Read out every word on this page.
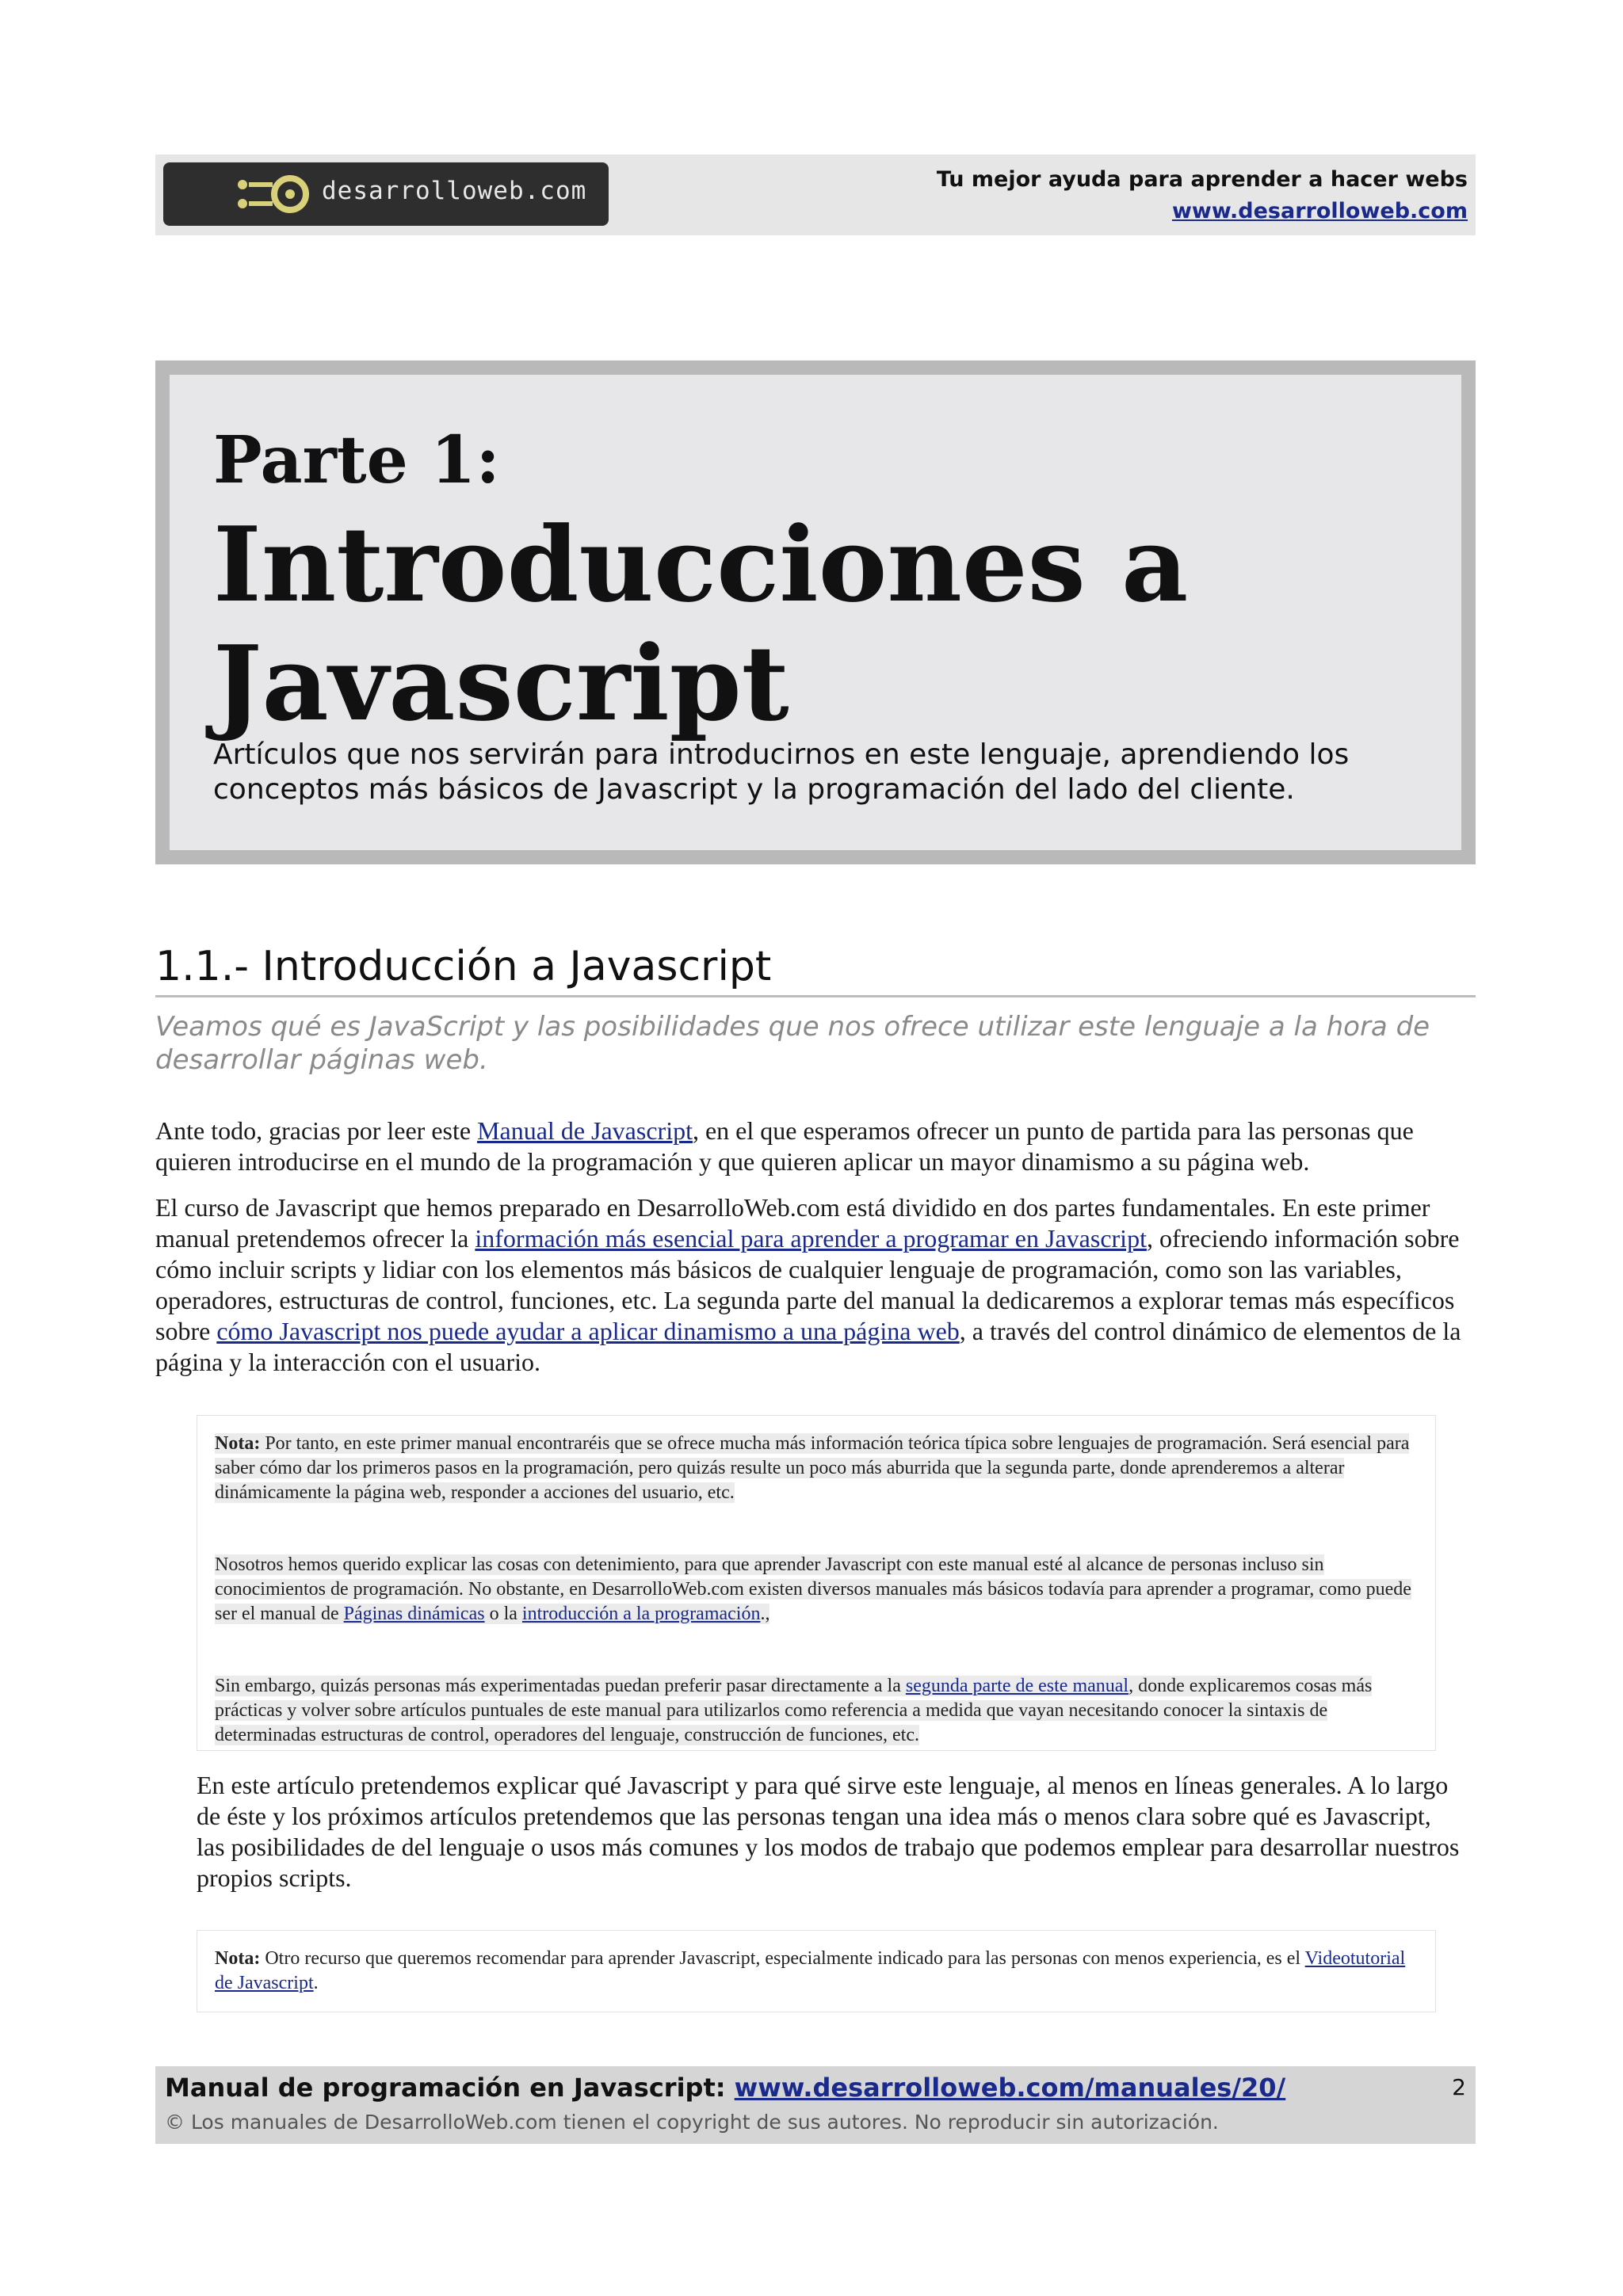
desarrolloweb.com	Tu mejor ayuda para aprender a hacer webs
www.desarrolloweb.com
Parte 1:
Introducciones a Javascript
Artículos que nos servirán para introducirnos en este lenguaje, aprendiendo los conceptos más básicos de Javascript y la programación del lado del cliente.
1.1.- Introducción a Javascript
Veamos qué es JavaScript y las posibilidades que nos ofrece utilizar este lenguaje a la hora de desarrollar páginas web.
Ante todo, gracias por leer este Manual de Javascript, en el que esperamos ofrecer un punto de partida para las personas que quieren introducirse en el mundo de la programación y que quieren aplicar un mayor dinamismo a su página web.
El curso de Javascript que hemos preparado en DesarrolloWeb.com está dividido en dos partes fundamentales. En este primer manual pretendemos ofrecer la información más esencial para aprender a programar en Javascript, ofreciendo información sobre cómo incluir scripts y lidiar con los elementos más básicos de cualquier lenguaje de programación, como son las variables, operadores, estructuras de control, funciones, etc. La segunda parte del manual la dedicaremos a explorar temas más específicos sobre cómo Javascript nos puede ayudar a aplicar dinamismo a una página web, a través del control dinámico de elementos de la página y la interacción con el usuario.
Nota: Por tanto, en este primer manual encontraréis que se ofrece mucha más información teórica típica sobre lenguajes de programación. Será esencial para saber cómo dar los primeros pasos en la programación, pero quizás resulte un poco más aburrida que la segunda parte, donde aprenderemos a alterar dinámicamente la página web, responder a acciones del usuario, etc.
Nosotros hemos querido explicar las cosas con detenimiento, para que aprender Javascript con este manual esté al alcance de personas incluso sin conocimientos de programación. No obstante, en DesarrolloWeb.com existen diversos manuales más básicos todavía para aprender a programar, como puede ser el manual de Páginas dinámicas o la introducción a la programación.,
Sin embargo, quizás personas más experimentadas puedan preferir pasar directamente a la segunda parte de este manual, donde explicaremos cosas más prácticas y volver sobre artículos puntuales de este manual para utilizarlos como referencia a medida que vayan necesitando conocer la sintaxis de determinadas estructuras de control, operadores del lenguaje, construcción de funciones, etc.
En este artículo pretendemos explicar qué Javascript y para qué sirve este lenguaje, al menos en líneas generales. A lo largo de éste y los próximos artículos pretendemos que las personas tengan una idea más o menos clara sobre qué es Javascript, las posibilidades de del lenguaje o usos más comunes y los modos de trabajo que podemos emplear para desarrollar nuestros propios scripts.
Nota: Otro recurso que queremos recomendar para aprender Javascript, especialmente indicado para las personas con menos experiencia, es el Videotutorial de Javascript.
Manual de programación en Javascript: www.desarrolloweb.com/manuales/20/
© Los manuales de DesarrolloWeb.com tienen el copyright de sus autores. No reproducir sin autorización.
2
